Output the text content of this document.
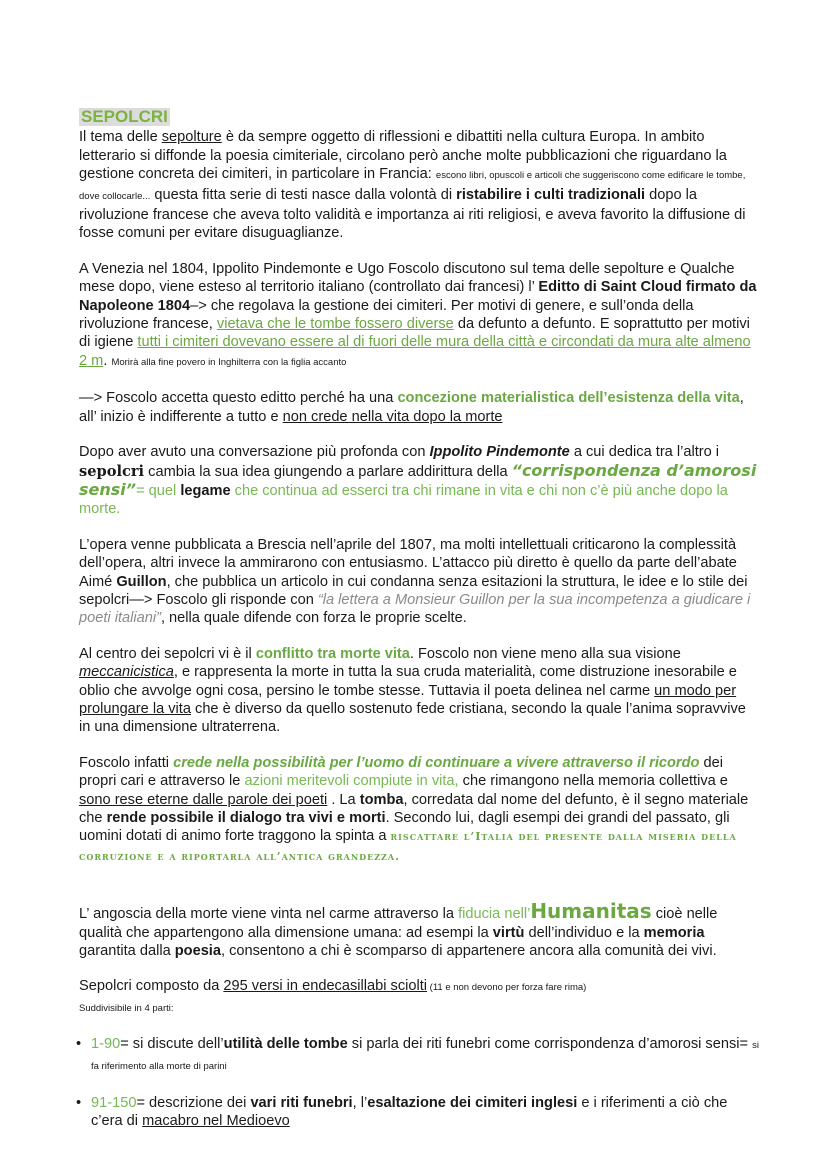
SEPOLCRI

Il tema delle sepolture è da sempre oggetto di riflessioni e dibattiti nella cultura Europa. In ambito letterario si diffonde la poesia cimiteriale, circolano però anche molte pubblicazioni che riguardano la gestione concreta dei cimiteri, in particolare in Francia: escono libri, opuscoli e articoli che suggeriscono come edificare le tombe, dove collocarle... questa fitta serie di testi nasce dalla volontà di ristabilire i culti tradizionali dopo la rivoluzione francese che aveva tolto validità e importanza ai riti religiosi, e aveva favorito la diffusione di fosse comuni per evitare disuguaglianze.

A Venezia nel 1804, Ippolito Pindemonte e Ugo Foscolo discutono sul tema delle sepolture e Qualche mese dopo, viene esteso al territorio italiano (controllato dai francesi) l’ Editto di Saint Cloud firmato da Napoleone 1804–> che regolava la gestione dei cimiteri. Per motivi di genere, e sull’onda della rivoluzione francese, vietava che le tombe fossero diverse da defunto a defunto. E soprattutto per motivi di igiene tutti i cimiteri dovevano essere al di fuori delle mura della città e circondati da mura alte almeno 2 m. Morirà alla fine povero in Inghilterra con la figlia accanto

—> Foscolo accetta questo editto perché ha una concezione materialistica dell’esistenza della vita, all’ inizio è indifferente a tutto e non crede nella vita dopo la morte

Dopo aver avuto una conversazione più profonda con Ippolito Pindemonte a cui dedica tra l’altro i sepolcri cambia la sua idea giungendo a parlare addirittura della “corrispondenza d’amorosi sensi”= quel legame che continua ad esserci tra chi rimane in vita e chi non c’è più anche dopo la morte.

L’opera venne pubblicata a Brescia nell’aprile del 1807, ma molti intellettuali criticarono la complessità dell’opera, altri invece la ammirarono con entusiasmo. L’attacco più diretto è quello da parte dell’abate Aimé Guillon, che pubblica un articolo in cui condanna senza esitazioni la struttura, le idee e lo stile dei sepolcri—> Foscolo gli risponde con “la lettera a Monsieur Guillon per la sua incompetenza a giudicare i poeti italiani”, nella quale difende con forza le proprie scelte.

Al centro dei sepolcri vi è il conflitto tra morte vita. Foscolo non viene meno alla sua visione meccanicistica, e rappresenta la morte in tutta la sua cruda materialità, come distruzione inesorabile e oblio che avvolge ogni cosa, persino le tombe stesse. Tuttavia il poeta delinea nel carme un modo per prolungare la vita che è diverso da quello sostenuto fede cristiana, secondo la quale l’anima sopravvive in una dimensione ultraterrena.

Foscolo infatti crede nella possibilità per l’uomo di continuare a vivere attraverso il ricordo dei propri cari e attraverso le azioni meritevoli compiute in vita, che rimangono nella memoria collettiva e sono rese eterne dalle parole dei poeti . La tomba, corredata dal nome del defunto, è il segno materiale che rende possibile il dialogo tra vivi e morti. Secondo lui, dagli esempi dei grandi del passato, gli uomini dotati di animo forte traggono la spinta a riscattare l’Italia del presente dalla miseria della corruzione e a riportarla all’antica grandezza.

L’ angoscia della morte viene vinta nel carme attraverso la fiducia nell’Humanitas cioè nelle qualità che appartengono alla dimensione umana: ad esempi la virtù dell’individuo e la memoria garantita dalla poesia, consentono a chi è scomparso di appartenere ancora alla comunità dei vivi.

Sepolcri composto da 295 versi in endecasillabi sciolti (11 e non devono per forza fare rima)
Suddivisibile in 4 parti:

• 1-90= si discute dell’utilità delle tombe si parla dei riti funebri come corrispondenza d’amorosi sensi= si fa riferimento alla morte di parini
• 91-150= descrizione dei vari riti funebri, l’esaltazione dei cimiteri inglesi e i riferimenti a ciò che c’era di macabro nel Medioevo
